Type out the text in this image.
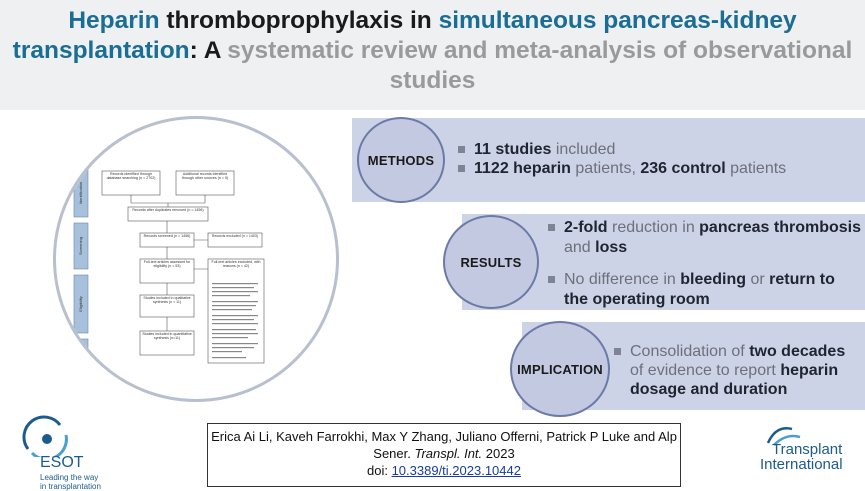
Heparin thromboprophylaxis in simultaneous pancreas-kidney transplantation: A systematic review and meta-analysis of observational studies
Identification
Screening
Eligibility
Included
Records identified through database searching (n = 2702)
Additional records identified through other sources (n = 5)
Records after duplicates removed (n = 1456)
Records screened (n = 1456)	Records excluded (n = 1403)
Full-text articles assessed for eligibility (n = 53)
Full-text articles excluded, with reasons (n = 42)
Studies included in qualitative synthesis (n = 11)
Studies included in quantitative synthesis (n=11)
METHODS
RESULTS
IMPLICATION
11 studies included
1122 heparin patients, 236 control patients
2-fold reduction in pancreas thrombosis and loss
No difference in bleeding or return to the operating room
Consolidation of two decades of evidence to report heparin dosage and duration
ESOT
Leading the way
in transplantation
Erica Ai Li, Kaveh Farrokhi, Max Y Zhang, Juliano Offerni, Patrick P Luke and Alp Sener. Transpl. Int. 2023
doi: 10.3389/ti.2023.10442
Transplant
International
